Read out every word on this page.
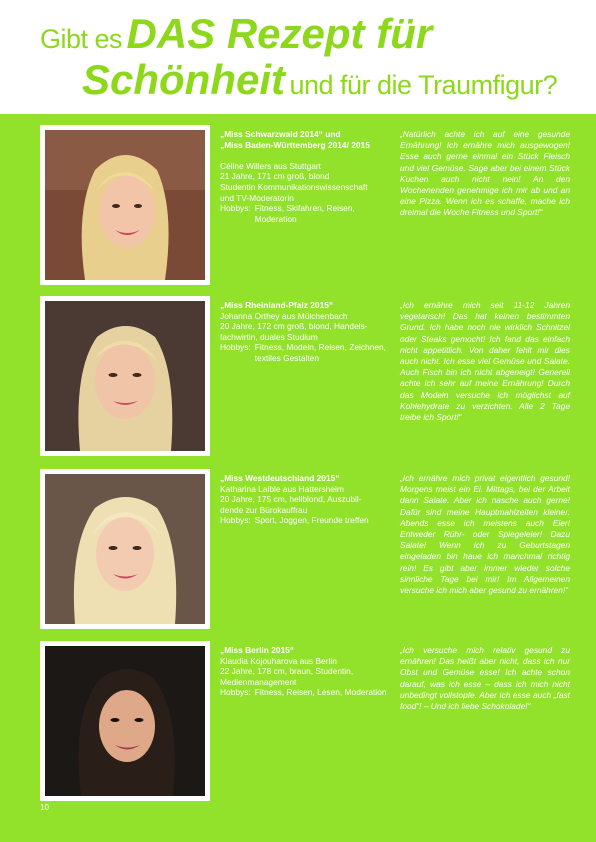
Gibt es DAS Rezept für
Schönheit und für die Traumfigur?
„Miss Schwarzwald 2014“ und
„Miss Baden-Württemberg 2014/ 2015
Céline Willers aus Stuttgart
21 Jahre, 171 cm groß, blond
Studentin Kommunikationswissenschaft
und TV-Moderatorin
Hobbys: Fitness, Skifahren, Reisen, Moderation
„Natürlich achte ich auf eine gesunde Ernährung! Ich ernähre mich ausgewogen! Esse auch gerne einmal ein Stück Fleisch und viel Gemüse. Sage aber bei einem Stück Kuchen auch nicht nein! An den Wochenenden genehmige ich mir ab und an eine Pizza. Wenn ich es schaffe, mache ich dreimal die Woche Fitness und Sport!“
„Miss Rheinland-Pfalz 2015“
Johanna Orthey aus Mülchenbach
20 Jahre, 172 cm groß, blond, Handels-
fachwirtin, duales Studium
Hobbys: Fitness, Modeln, Reisen, Zeichnen, textiles Gestalten
„Ich ernähre mich seit 11-12 Jahren vegetarisch! Das hat keinen bestimmten Grund. Ich habe noch nie wirklich Schnitzel oder Steaks gemocht! Ich fand das einfach nicht appetitlich. Von daher fehlt mir dies auch nicht. Ich esse viel Gemüse und Salate. Auch Fisch bin ich nicht abgeneigt! Generell achte ich sehr auf meine Ernährung! Durch das Modeln versuche ich möglichst auf Kohlehydrate zu verzichten. Alle 2 Tage treibe ich Sport!“
„Miss Westdeutschland 2015“
Katharina Laible aus Hattersheim
20 Jahre, 175 cm, hellblond, Auszubil-
dende zur Bürokauffrau
Hobbys: Sport, Joggen, Freunde treffen
„Ich ernähre mich privat eigentlich gesund! Morgens meist ein Ei. Mittags, bei der Arbeit dann Salate. Aber ich nasche auch gerne! Dafür sind meine Hauptmahlzeiten kleiner. Abends esse ich meistens auch Eier! Entweder Rühr- oder Spiegeleier! Dazu Salate! Wenn ich zu Geburtstagen eingeladen bin haue ich manchmal richtig rein! Es gibt aber immer wieder solche sinnliche Tage bei mir! Im Allgemeinen versuche ich mich aber gesund zu ernähren!“
„Miss Berlin 2015“
Klaudia Kojouharova aus Berlin
22 Jahre, 178 cm, braun, Studentin,
Medienmanagement
Hobbys: Fitness, Reisen, Lesen, Moderation
„Ich versuche mich relativ gesund zu ernähren! Das heißt aber nicht, dass ich nur Obst und Gemüse esse! Ich achte schon darauf, was ich esse – dass ich mich nicht unbedingt vollstopfe. Aber ich esse auch „fast food“! – Und ich liebe Schokolade!“
10
